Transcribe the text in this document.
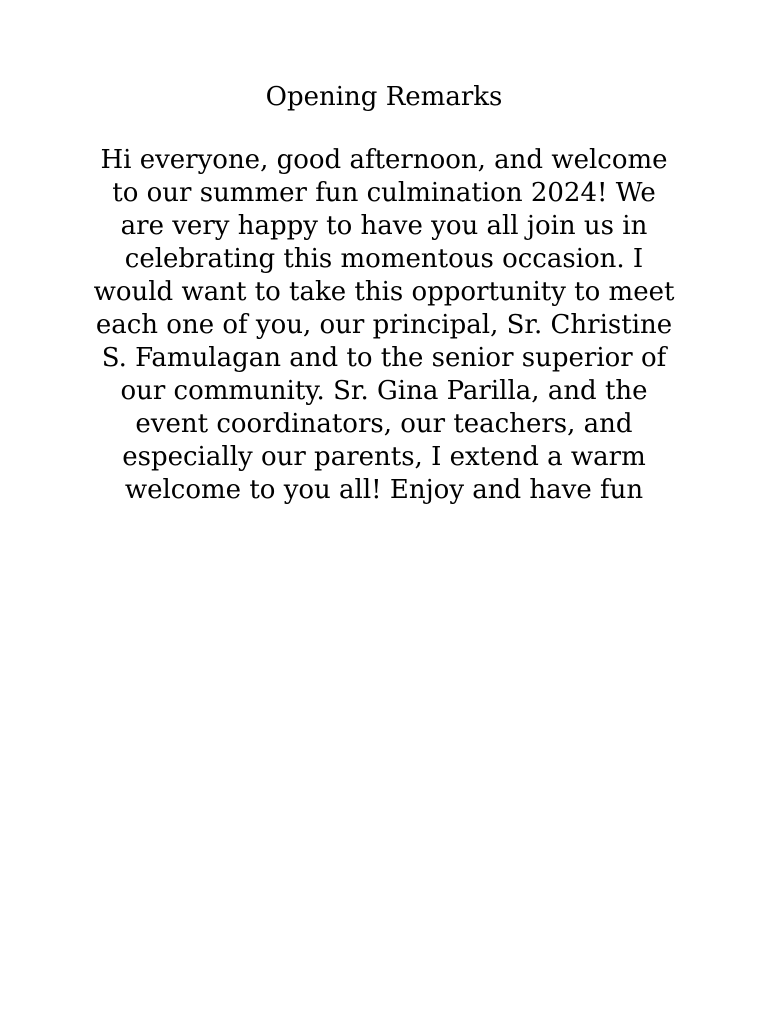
Opening Remarks

Hi everyone, good afternoon, and welcome
to our summer fun culmination 2024! We
are very happy to have you all join us in
celebrating this momentous occasion. I
would want to take this opportunity to meet
each one of you, our principal, Sr. Christine
S. Famulagan and to the senior superior of
our community. Sr. Gina Parilla, and the
event coordinators, our teachers, and
especially our parents, I extend a warm
welcome to you all! Enjoy and have fun
